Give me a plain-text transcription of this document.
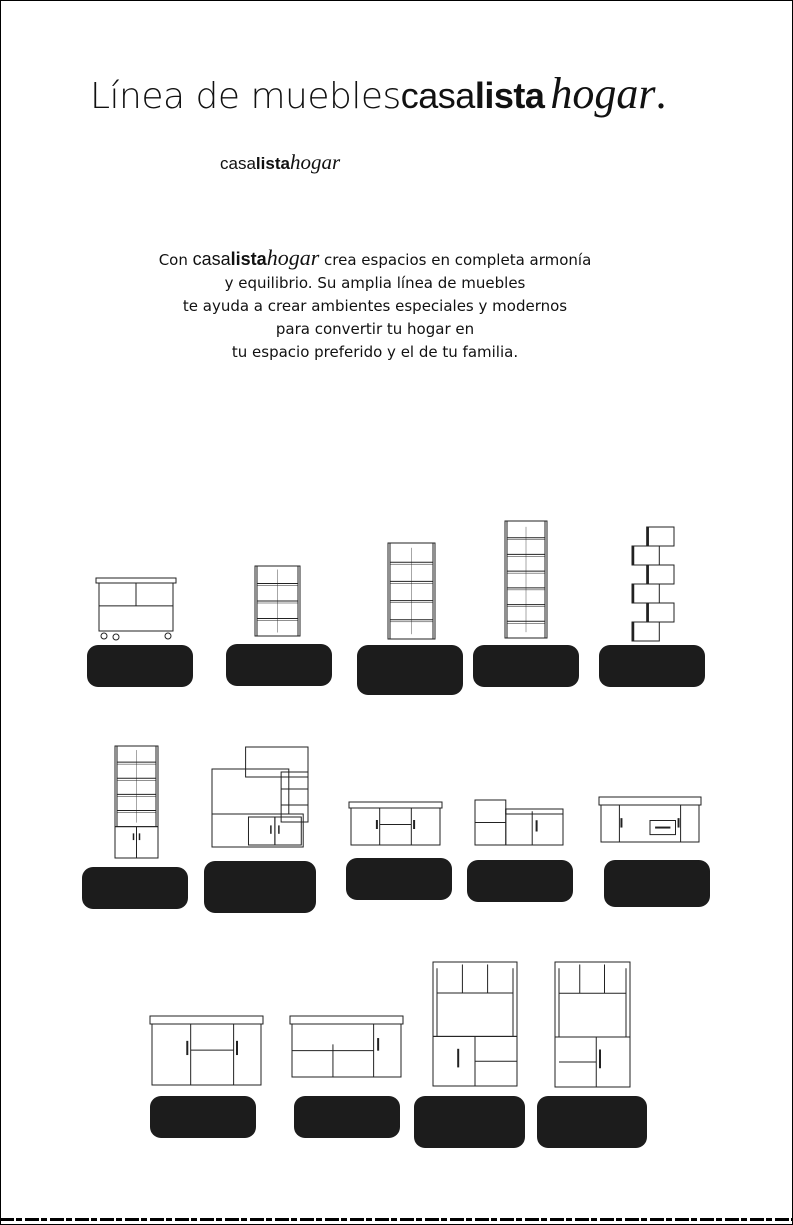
Línea de mueblescasalista hogar.
casalistahogar
Con casalistahogar crea espacios en completa armonía
y equilibrio. Su amplia línea de muebles
te ayuda a crear ambientes especiales y modernos
para convertir tu hogar en
tu espacio preferido y el de tu familia.
